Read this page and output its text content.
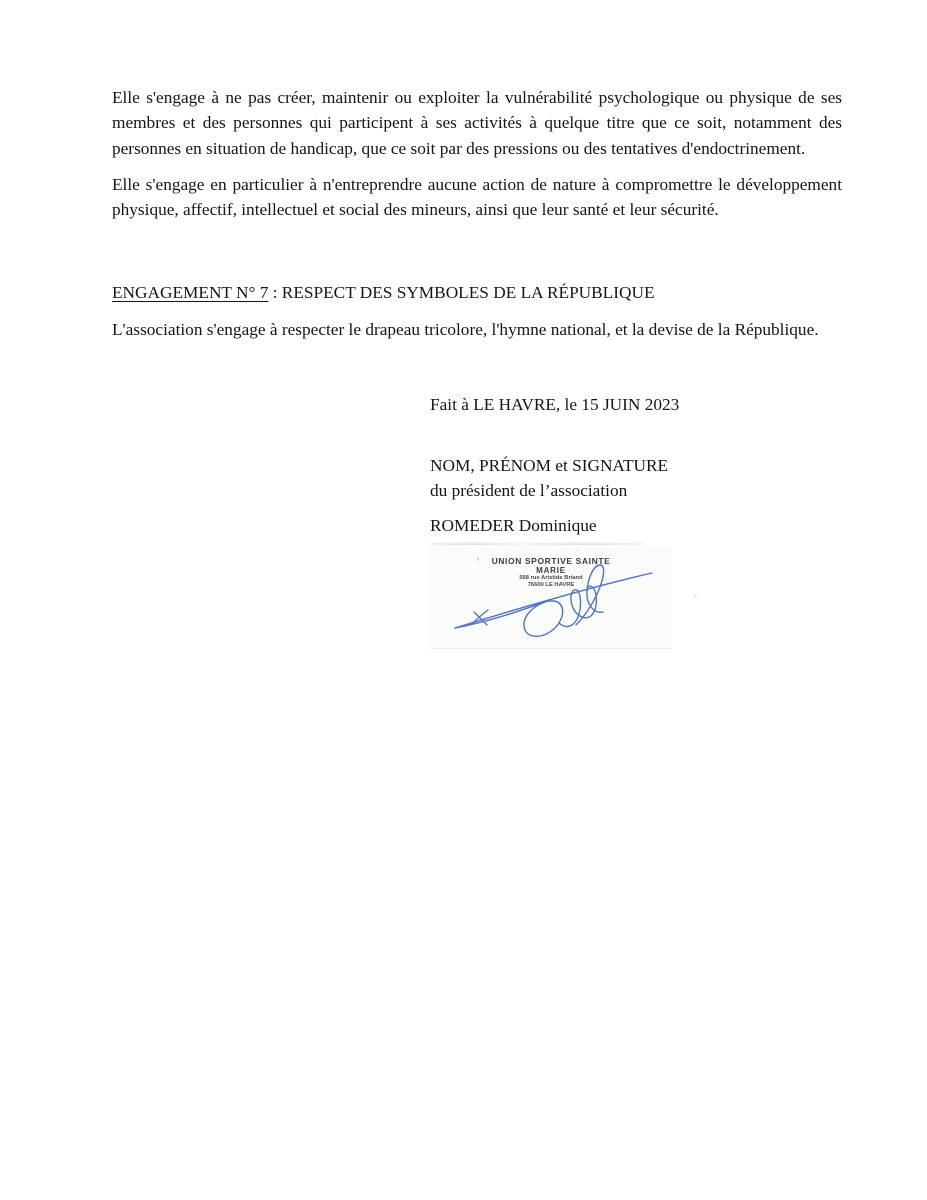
Elle s'engage à ne pas créer, maintenir ou exploiter la vulnérabilité psychologique ou physique de ses membres et des personnes qui participent à ses activités à quelque titre que ce soit, notamment des personnes en situation de handicap, que ce soit par des pressions ou des tentatives d'endoctrinement.

Elle s'engage en particulier à n'entreprendre aucune action de nature à compromettre le développement physique, affectif, intellectuel et social des mineurs, ainsi que leur santé et leur sécurité.

ENGAGEMENT N° 7 : RESPECT DES SYMBOLES DE LA RÉPUBLIQUE

L'association s'engage à respecter le drapeau tricolore, l'hymne national, et la devise de la République.

Fait à LE HAVRE, le 15 JUIN 2023

NOM, PRÉNOM et SIGNATURE
du président de l’association

ROMEDER Dominique

UNION SPORTIVE SAINTE
MARIE
568 rue Aristide Briand
76600 LE HAVRE
